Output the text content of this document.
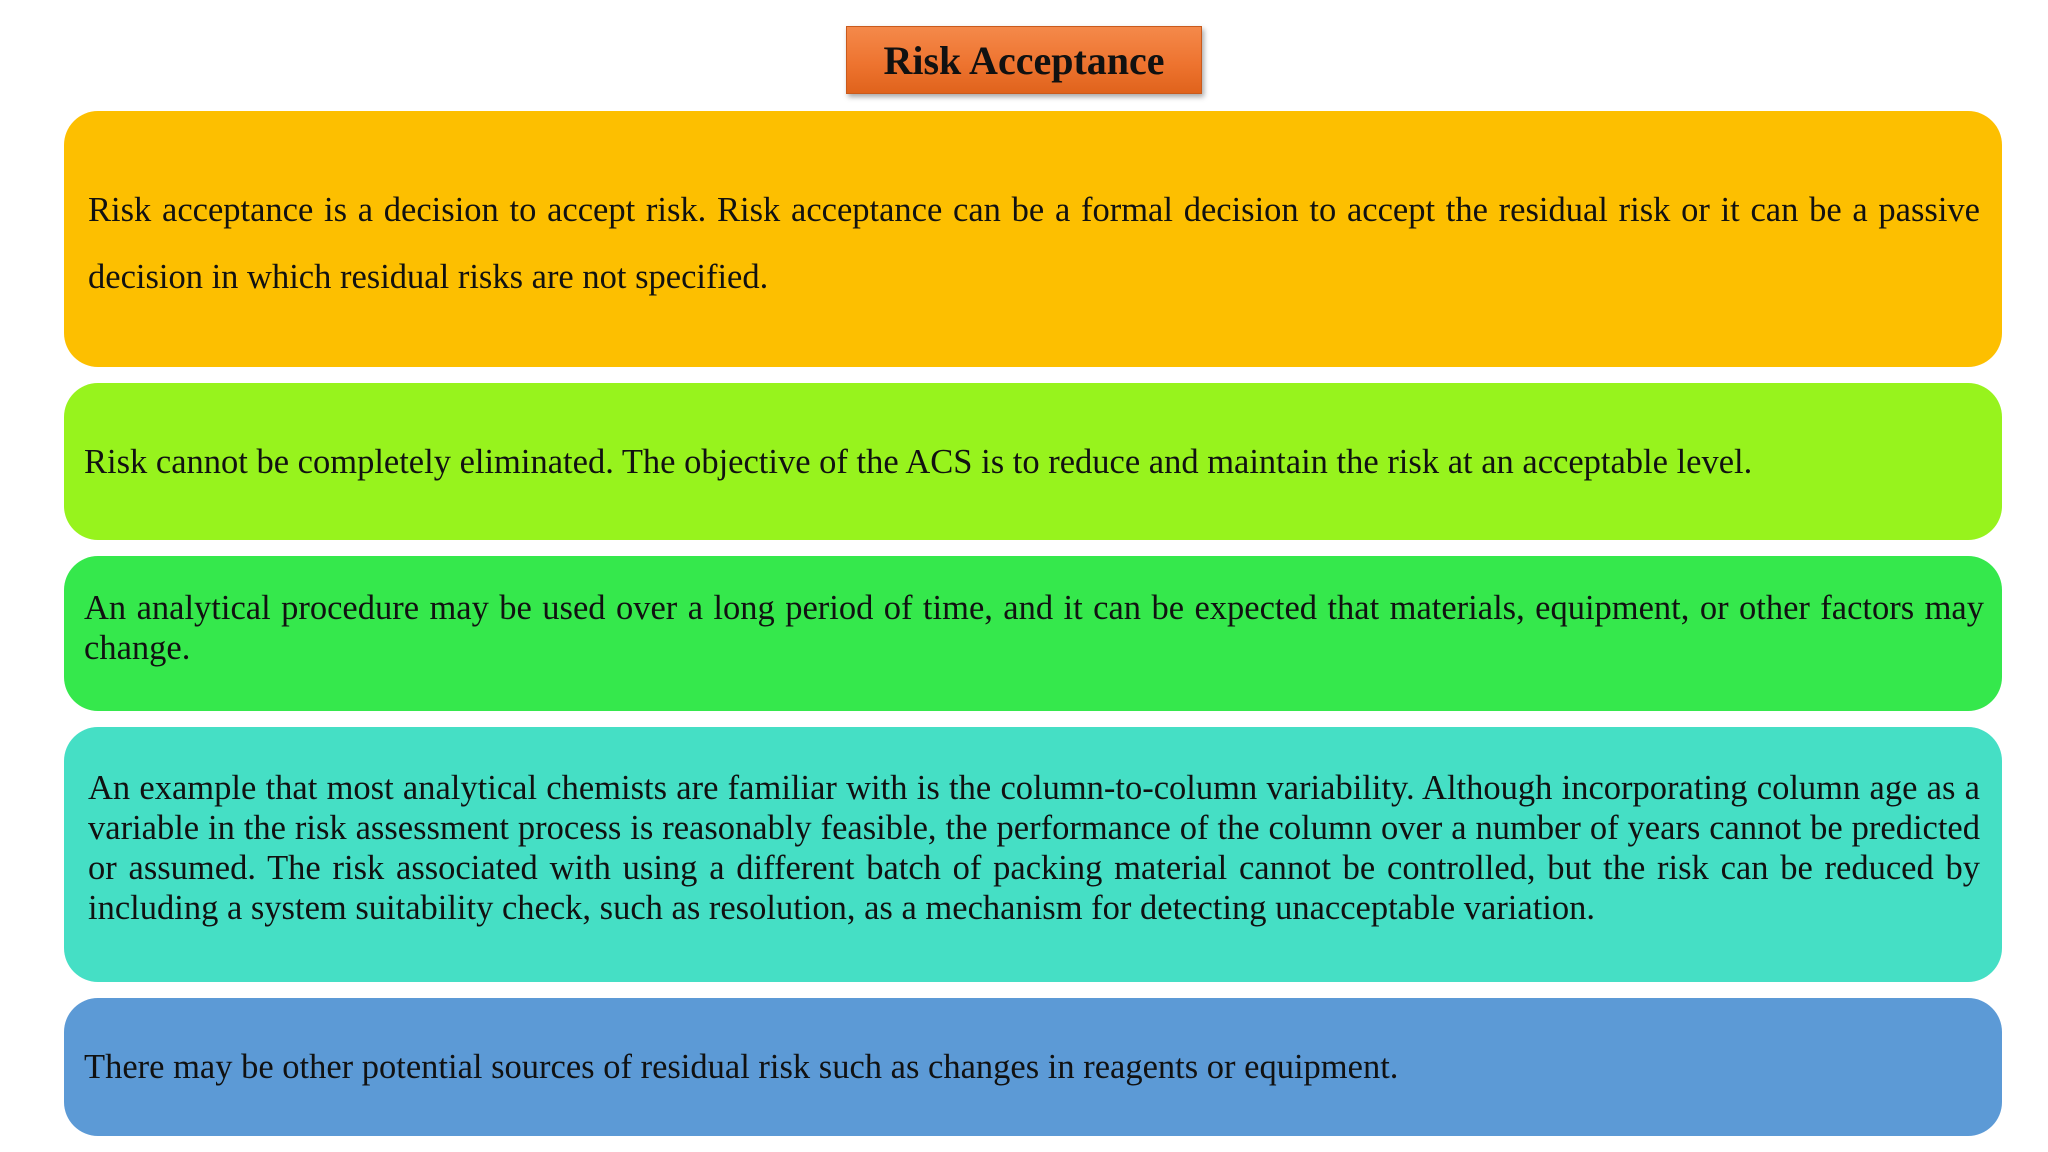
Risk Acceptance
Risk acceptance is a decision to accept risk. Risk acceptance can be a formal decision to accept the residual risk or it can be a passive decision in which residual risks are not specified.
Risk cannot be completely eliminated. The objective of the ACS is to reduce and maintain the risk at an acceptable level.
An analytical procedure may be used over a long period of time, and it can be expected that materials, equipment, or other factors may change.
An example that most analytical chemists are familiar with is the column-to-column variability. Although incorporating column age as a variable in the risk assessment process is reasonably feasible, the performance of the column over a number of years cannot be predicted or assumed. The risk associated with using a different batch of packing material cannot be controlled, but the risk can be reduced by including a system suitability check, such as resolution, as a mechanism for detecting unacceptable variation.
There may be other potential sources of residual risk such as changes in reagents or equipment.
